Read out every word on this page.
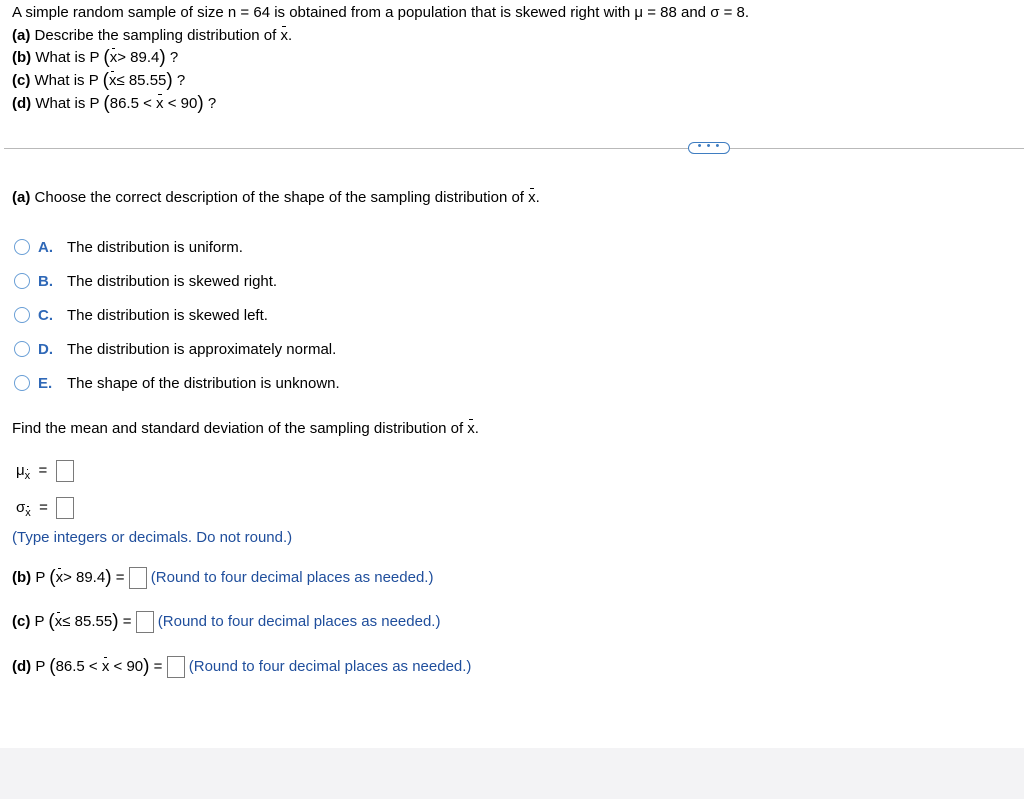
A simple random sample of size n = 64 is obtained from a population that is skewed right with μ = 88 and σ = 8.
(a) Describe the sampling distribution of x.
(b) What is P (x> 89.4) ?
(c) What is P (x≤ 85.55) ?
(d) What is P (86.5 < x < 90) ?
• • •
(a) Choose the correct description of the shape of the sampling distribution of x.
A. The distribution is uniform.
B. The distribution is skewed right.
C. The distribution is skewed left.
D. The distribution is approximately normal.
E. The shape of the distribution is unknown.
Find the mean and standard deviation of the sampling distribution of x.
μx =
σx =
(Type integers or decimals. Do not round.)
(b) P (x> 89.4) = (Round to four decimal places as needed.)
(c) P (x≤ 85.55) = (Round to four decimal places as needed.)
(d) P (86.5 < x < 90) = (Round to four decimal places as needed.)
